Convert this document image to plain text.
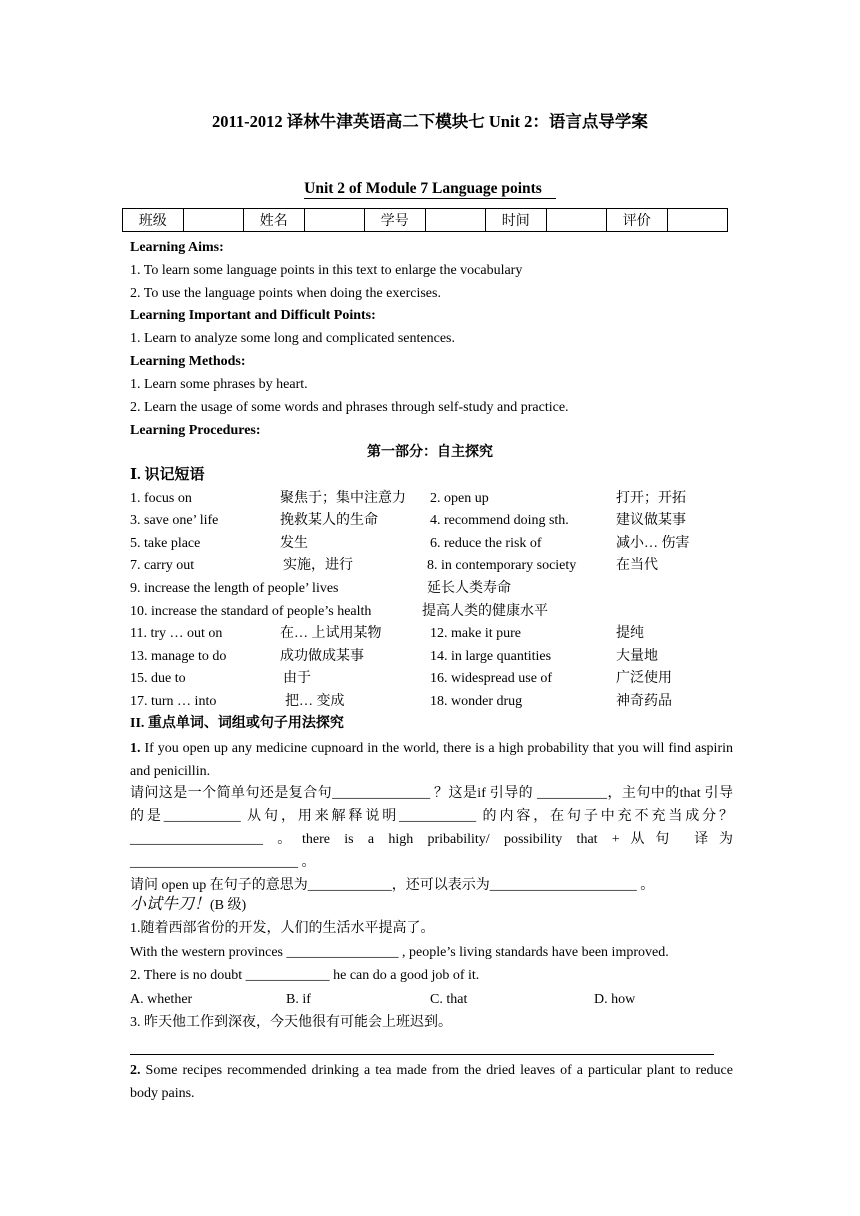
2011-2012 译林牛津英语高二下模块七 Unit 2：语言点导学案
Unit 2 of Module 7 Language points
班级		姓名		学号		时间		评价	
Learning Aims:
1. To learn some language points in this text to enlarge the vocabulary
2. To use the language points when doing the exercises.
Learning Important and Difficult Points:
1. Learn to analyze some long and complicated sentences.
Learning Methods:
1. Learn some phrases by heart.
2. Learn the usage of some words and phrases through self-study and practice.
Learning Procedures:
第一部分：自主探究
Ⅰ. 识记短语
1. focus on	聚焦于；集中注意力 2. open up	打开；开拓
3. save one’ life	挽救某人的生命	4. recommend doing sth.	建议做某事
5. take place	发生	6. reduce the risk of	减小… 伤害
7. carry out	实施，进行	8. in contemporary society	在当代
9. increase the length of people’ lives	延长人类寿命
10. increase the standard of people’s health	提高人类的健康水平
11. try … out on	在… 上试用某物	12. make it pure	提纯
13. manage to do	成功做成某事	14. in large quantities	大量地
15. due to	由于	16. widespread use of	广泛使用
17. turn … into	把… 变成	18. wonder drug	神奇药品
II. 重点单词、词组或句子用法探究
1. If you open up any medicine cupnoard in the world, there is a high probability that you will find aspirin and penicillin.
请问这是一个简单句还是复合句______________ ？这是if 引导的 __________，主句中的that 引导的是___________ 从句，用来解释说明___________ 的内容，在句子中充不充当成分？___________________ 。there is a high pribability/ possibility that +从句 译为________________________ 。
请问 open up 在句子的意思为____________，还可以表示为_____________________ 。
小试牛刀！(B 级)
1.随着西部省份的开发，人们的生活水平提高了。
With the western provinces ________________ , people’s living standards have been improved.
2. There is no doubt ____________ he can do a good job of it.
A. whether	B. if	C. that	D. how
3. 昨天他工作到深夜，今天他很有可能会上班迟到。
2. Some recipes recommended drinking a tea made from the dried leaves of a particular plant to reduce body pains.
